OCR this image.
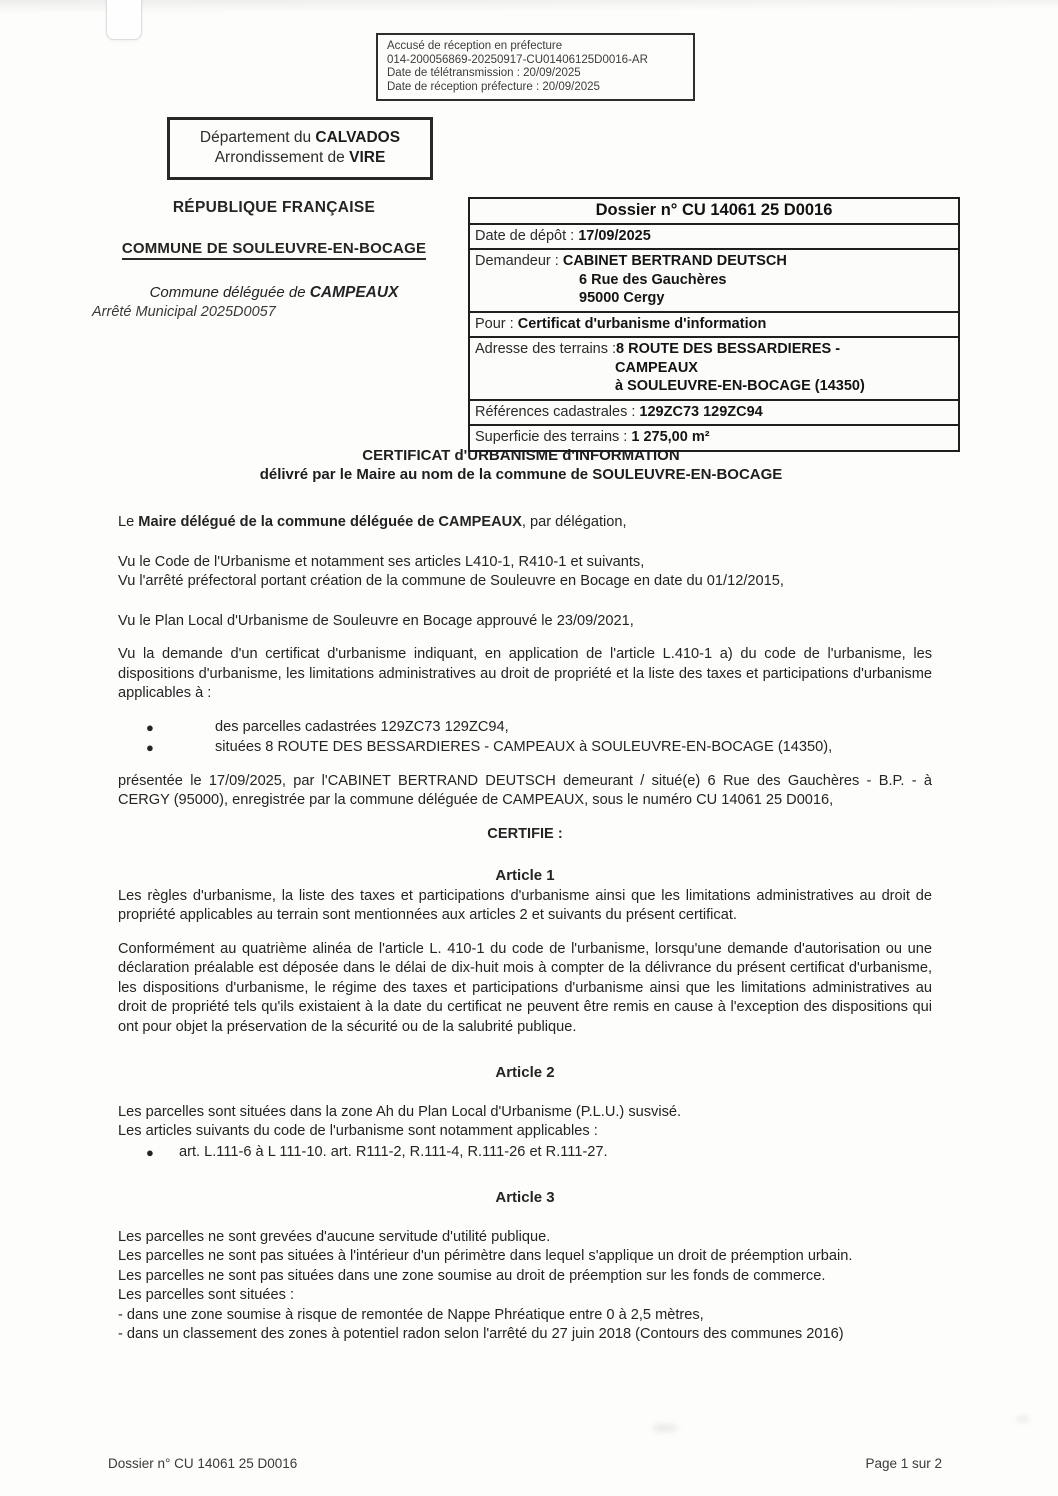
Accusé de réception en préfecture
014-200056869-20250917-CU01406125D0016-AR
Date de télétransmission : 20/09/2025
Date de réception préfecture : 20/09/2025
Département du CALVADOS
Arrondissement de VIRE
RÉPUBLIQUE FRANÇAISE
COMMUNE DE SOULEUVRE-EN-BOCAGE
Commune déléguée de CAMPEAUX
Arrêté Municipal 2025D0057
Dossier n° CU 14061 25 D0016
Date de dépôt : 17/09/2025
Demandeur : CABINET BERTRAND DEUTSCH
6 Rue des Gauchères
95000 Cergy
Pour : Certificat d'urbanisme d'information
Adresse des terrains :8 ROUTE DES BESSARDIERES -
CAMPEAUX
à SOULEUVRE-EN-BOCAGE (14350)
Références cadastrales : 129ZC73 129ZC94
Superficie des terrains : 1 275,00 m²
CERTIFICAT d'URBANISME d'INFORMATION
délivré par le Maire au nom de la commune de SOULEUVRE-EN-BOCAGE
Le Maire délégué de la commune déléguée de CAMPEAUX, par délégation,
Vu le Code de l'Urbanisme et notamment ses articles L410-1, R410-1 et suivants,
Vu l'arrêté préfectoral portant création de la commune de Souleuvre en Bocage en date du 01/12/2015,
Vu le Plan Local d'Urbanisme de Souleuvre en Bocage approuvé le 23/09/2021,
Vu la demande d'un certificat d'urbanisme indiquant, en application de l'article L.410-1 a) du code de l'urbanisme, les dispositions d'urbanisme, les limitations administratives au droit de propriété et la liste des taxes et participations d'urbanisme applicables à :
●	des parcelles cadastrées 129ZC73 129ZC94,
●	situées 8 ROUTE DES BESSARDIERES - CAMPEAUX à SOULEUVRE-EN-BOCAGE (14350),
présentée le 17/09/2025, par l'CABINET BERTRAND DEUTSCH demeurant / situé(e) 6 Rue des Gauchères - B.P. - à CERGY (95000), enregistrée par la commune déléguée de CAMPEAUX, sous le numéro CU 14061 25 D0016,
CERTIFIE :
Article 1
Les règles d'urbanisme, la liste des taxes et participations d'urbanisme ainsi que les limitations administratives au droit de propriété applicables au terrain sont mentionnées aux articles 2 et suivants du présent certificat.
Conformément au quatrième alinéa de l'article L. 410-1 du code de l'urbanisme, lorsqu'une demande d'autorisation ou une déclaration préalable est déposée dans le délai de dix-huit mois à compter de la délivrance du présent certificat d'urbanisme, les dispositions d'urbanisme, le régime des taxes et participations d'urbanisme ainsi que les limitations administratives au droit de propriété tels qu'ils existaient à la date du certificat ne peuvent être remis en cause à l'exception des dispositions qui ont pour objet la préservation de la sécurité ou de la salubrité publique.
Article 2
Les parcelles sont situées dans la zone Ah du Plan Local d'Urbanisme (P.L.U.) susvisé.
Les articles suivants du code de l'urbanisme sont notamment applicables :
● art. L.111-6 à L 111-10. art. R111-2, R.111-4, R.111-26 et R.111-27.
Article 3
Les parcelles ne sont grevées d'aucune servitude d'utilité publique.
Les parcelles ne sont pas situées à l'intérieur d'un périmètre dans lequel s'applique un droit de préemption urbain.
Les parcelles ne sont pas situées dans une zone soumise au droit de préemption sur les fonds de commerce.
Les parcelles sont situées :
- dans une zone soumise à risque de remontée de Nappe Phréatique entre 0 à 2,5 mètres,
- dans un classement des zones à potentiel radon selon l'arrêté du 27 juin 2018 (Contours des communes 2016)
Dossier n° CU 14061 25 D0016	Page 1 sur 2
